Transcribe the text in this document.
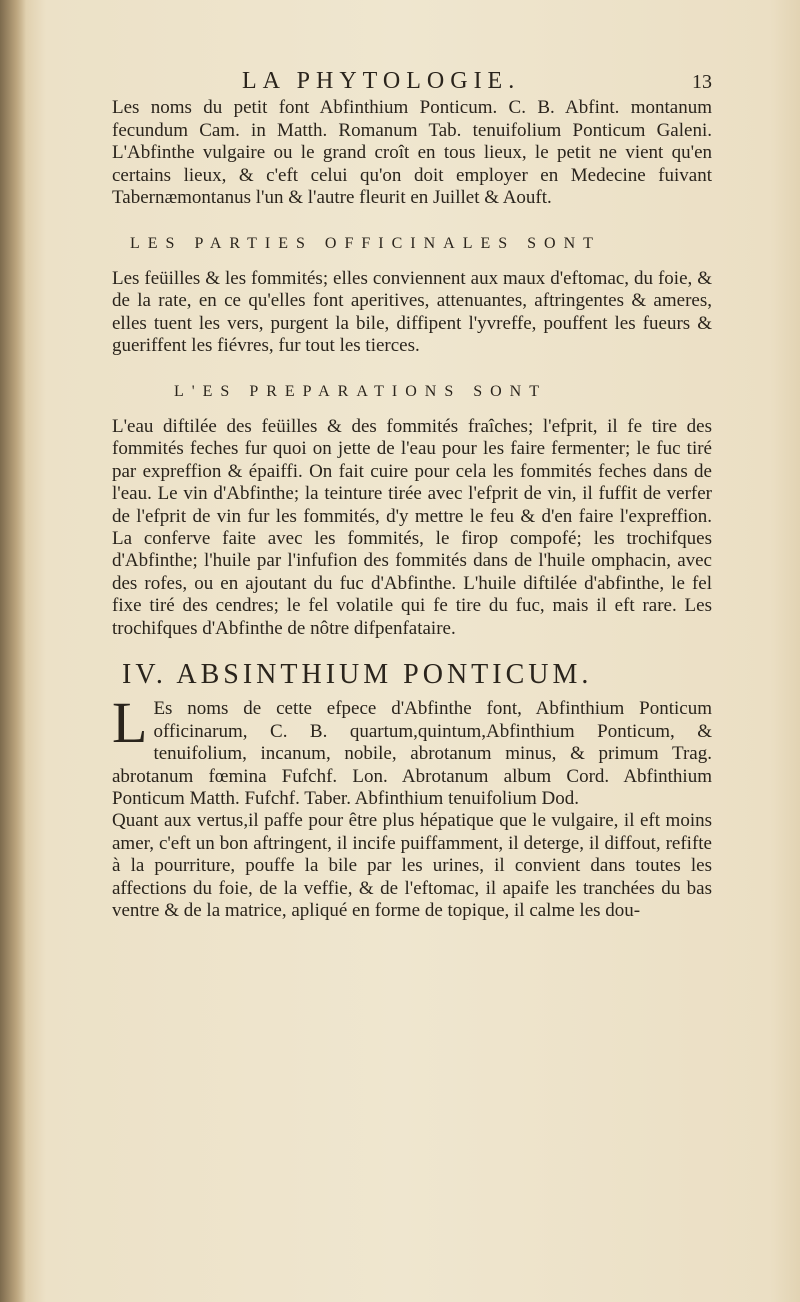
LA PHYTOLOGIE.	13

Les noms du petit font Abfinthium Ponticum. C. B. Abfint. montanum fecundum Cam. in Matth. Romanum Tab. tenuifolium Ponticum Galeni. L'Abfinthe vulgaire ou le grand croît en tous lieux, le petit ne vient qu'en certains lieux, & c'eft celui qu'on doit employer en Medecine fuivant Tabernæmontanus l'un & l'autre fleurit en Juillet & Aouft.

LES PARTIES OFFICINALES SONT

Les feüilles & les fommités; elles conviennent aux maux d'eftomac, du foie, & de la rate, en ce qu'elles font aperitives, attenuantes, aftringentes & ameres, elles tuent les vers, purgent la bile, diffipent l'yvreffe, pouffent les fueurs & gueriffent les fiévres, fur tout les tierces.

L'ES PREPARATIONS SONT

L'eau diftilée des feüilles & des fommités fraîches; l'efprit, il fe tire des fommités feches fur quoi on jette de l'eau pour les faire fermenter; le fuc tiré par expreffion & épaiffi. On fait cuire pour cela les fommités feches dans de l'eau. Le vin d'Abfinthe; la teinture tirée avec l'efprit de vin, il fuffit de verfer de l'efprit de vin fur les fommités, d'y mettre le feu & d'en faire l'expreffion. La conferve faite avec les fommités, le firop compofé; les trochifques d'Abfinthe; l'huile par l'infufion des fommités dans de l'huile omphacin, avec des rofes, ou en ajoutant du fuc d'Abfinthe. L'huile diftilée d'abfinthe, le fel fixe tiré des cendres; le fel volatile qui fe tire du fuc, mais il eft rare. Les trochifques d'Abfinthe de nôtre difpenfataire.

IV. ABSINTHIUM PONTICUM.

L Es noms de cette efpece d'Abfinthe font, Abfinthium Ponticum officinarum, C. B. quartum,quintum,Abfinthium Ponticum, & tenuifolium, incanum, nobile, abrotanum minus, & primum Trag. abrotanum fœmina Fufchf. Lon. Abrotanum album Cord. Abfinthium Ponticum Matth. Fufchf. Taber. Abfinthium tenuifolium Dod.

Quant aux vertus,il paffe pour être plus hépatique que le vulgaire, il eft moins amer, c'eft un bon aftringent, il incife puiffamment, il deterge, il diffout, refifte à la pourriture, pouffe la bile par les urines, il convient dans toutes les affections du foie, de la veffie, & de l'eftomac, il apaife les tranchées du bas ventre & de la matrice, apliqué en forme de topique, il calme les dou-
